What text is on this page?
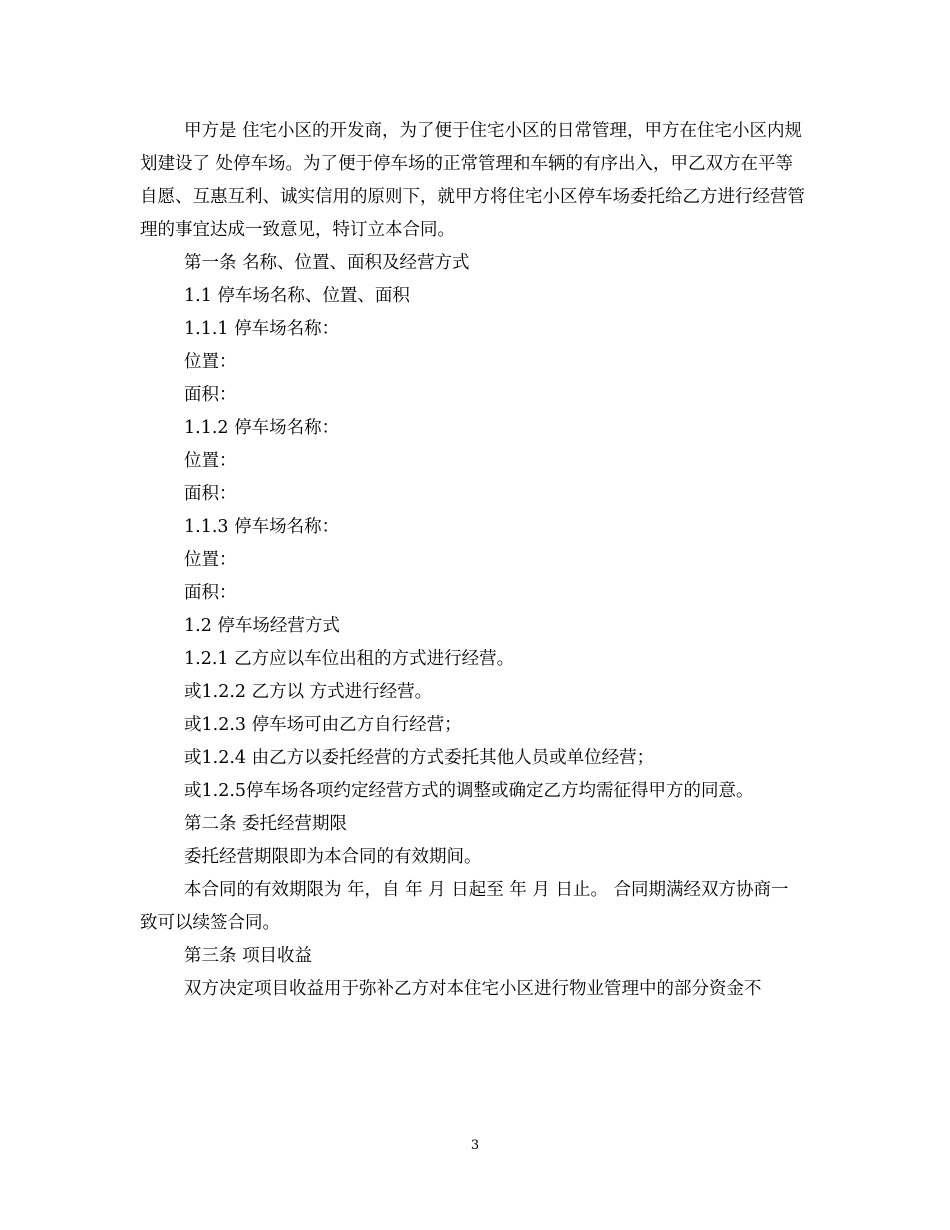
甲方是 住宅小区的开发商，为了便于住宅小区的日常管理，甲方在住宅小区内规划建设了 处停车场。为了便于停车场的正常管理和车辆的有序出入，甲乙双方在平等自愿、互惠互利、诚实信用的原则下，就甲方将住宅小区停车场委托给乙方进行经营管理的事宜达成一致意见，特订立本合同。

第一条 名称、位置、面积及经营方式

1.1 停车场名称、位置、面积

1.1.1 停车场名称：

位置：

面积：

1.1.2 停车场名称：

位置：

面积：

1.1.3 停车场名称：

位置：

面积：

1.2 停车场经营方式

1.2.1 乙方应以车位出租的方式进行经营。

或1.2.2 乙方以 方式进行经营。

或1.2.3 停车场可由乙方自行经营；

或1.2.4 由乙方以委托经营的方式委托其他人员或单位经营；

或1.2.5停车场各项约定经营方式的调整或确定乙方均需征得甲方的同意。

第二条 委托经营期限

委托经营期限即为本合同的有效期间。

本合同的有效期限为 年，自 年 月 日起至 年 月 日止。 合同期满经双方协商一致可以续签合同。

第三条 项目收益

双方决定项目收益用于弥补乙方对本住宅小区进行物业管理中的部分资金不

3
